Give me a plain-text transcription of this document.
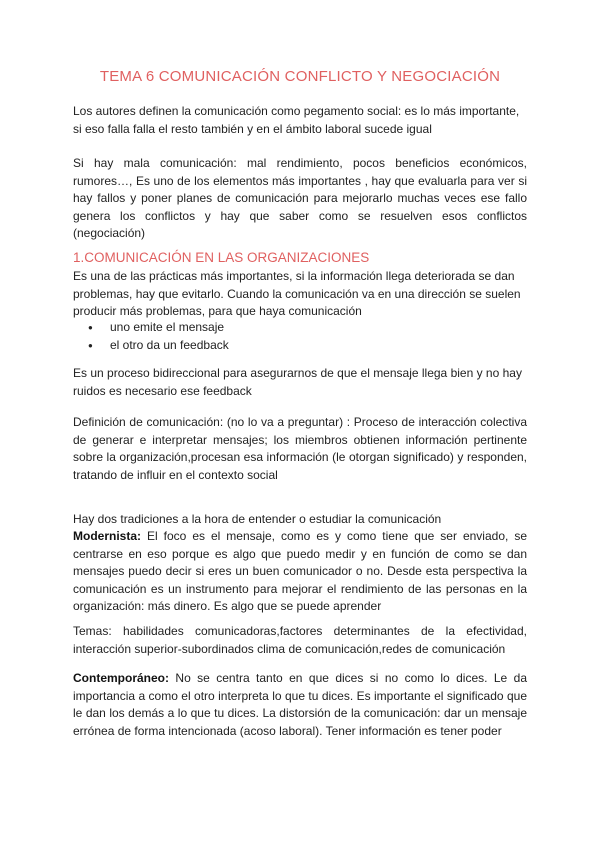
TEMA 6 COMUNICACIÓN CONFLICTO Y NEGOCIACIÓN

Los autores definen la comunicación como pegamento social: es lo más importante, si eso falla falla el resto también y en el ámbito laboral sucede igual

Si hay mala comunicación: mal rendimiento, pocos beneficios económicos, rumores…, Es uno de los elementos más importantes , hay que evaluarla para ver si hay fallos y poner planes de comunicación para mejorarlo muchas veces ese fallo genera los conflictos y hay que saber como se resuelven esos conflictos (negociación)

1.COMUNICACIÓN EN LAS ORGANIZACIONES

Es una de las prácticas más importantes, si la información llega deteriorada se dan problemas, hay que evitarlo. Cuando la comunicación va en una dirección se suelen producir más problemas, para que haya comunicación

● uno emite el mensaje
● el otro da un feedback

Es un proceso bidireccional para asegurarnos de que el mensaje llega bien y no hay ruidos es necesario ese feedback

Definición de comunicación: (no lo va a preguntar) : Proceso de interacción colectiva de generar e interpretar mensajes; los miembros obtienen información pertinente sobre la organización,procesan esa información (le otorgan significado) y responden, tratando de influir en el contexto social

Hay dos tradiciones a la hora de entender o estudiar la comunicación

Modernista: El foco es el mensaje, como es y como tiene que ser enviado, se centrarse en eso porque es algo que puedo medir y en función de como se dan mensajes puedo decir si eres un buen comunicador o no. Desde esta perspectiva la comunicación es un instrumento para mejorar el rendimiento de las personas en la organización: más dinero. Es algo que se puede aprender

Temas: habilidades comunicadoras,factores determinantes de la efectividad, interacción superior-subordinados clima de comunicación,redes de comunicación

Contemporáneo: No se centra tanto en que dices si no como lo dices. Le da importancia a como el otro interpreta lo que tu dices. Es importante el significado que le dan los demás a lo que tu dices. La distorsión de la comunicación: dar un mensaje errónea de forma intencionada (acoso laboral). Tener información es tener poder
